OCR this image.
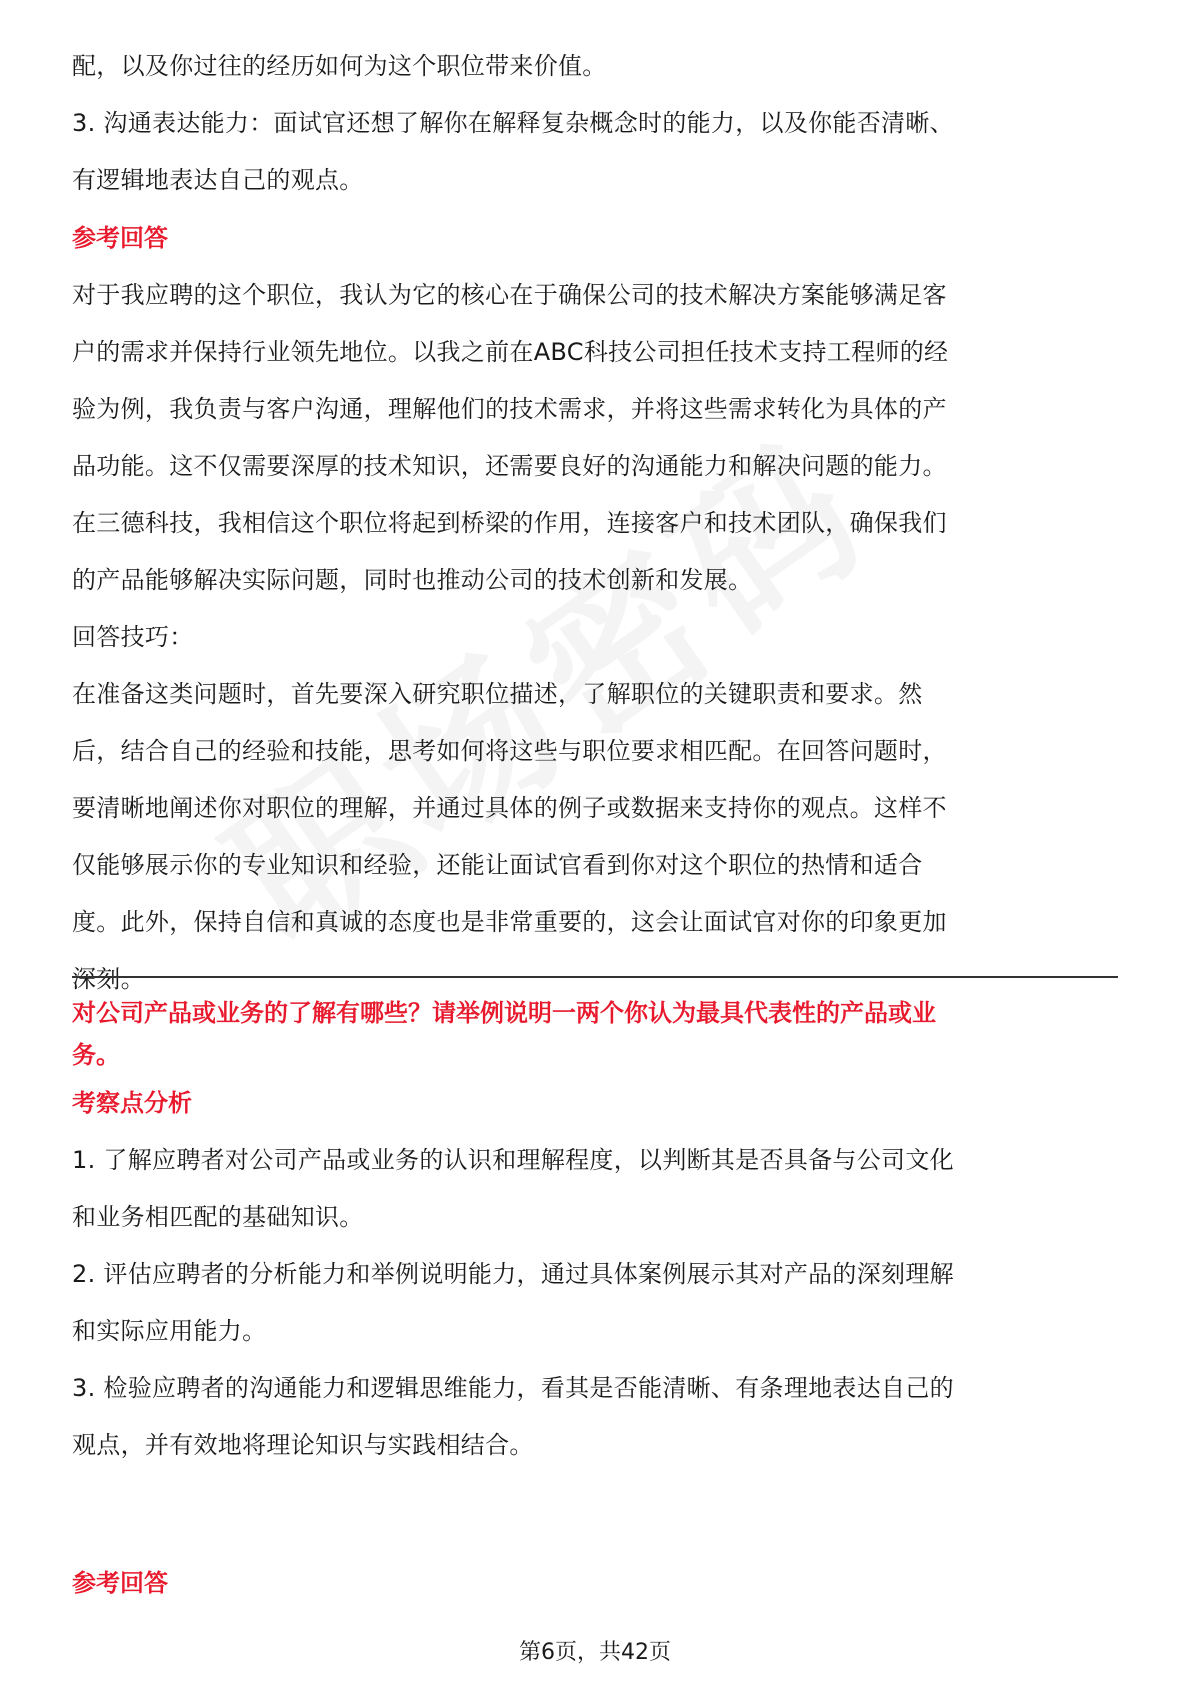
配，以及你过往的经历如何为这个职位带来价值。

3. 沟通表达能力：面试官还想了解你在解释复杂概念时的能力，以及你能否清晰、

有逻辑地表达自己的观点。

参考回答

对于我应聘的这个职位，我认为它的核心在于确保公司的技术解决方案能够满足客

户的需求并保持行业领先地位。以我之前在ABC科技公司担任技术支持工程师的经

验为例，我负责与客户沟通，理解他们的技术需求，并将这些需求转化为具体的产

品功能。这不仅需要深厚的技术知识，还需要良好的沟通能力和解决问题的能力。

在三德科技，我相信这个职位将起到桥梁的作用，连接客户和技术团队，确保我们

的产品能够解决实际问题，同时也推动公司的技术创新和发展。

回答技巧：

在准备这类问题时，首先要深入研究职位描述，了解职位的关键职责和要求。然

后，结合自己的经验和技能，思考如何将这些与职位要求相匹配。在回答问题时，

要清晰地阐述你对职位的理解，并通过具体的例子或数据来支持你的观点。这样不

仅能够展示你的专业知识和经验，还能让面试官看到你对这个职位的热情和适合

度。此外，保持自信和真诚的态度也是非常重要的，这会让面试官对你的印象更加

深刻。

对公司产品或业务的了解有哪些？请举例说明一两个你认为最具代表性的产品或业

务。

考察点分析

1. 了解应聘者对公司产品或业务的认识和理解程度，以判断其是否具备与公司文化

和业务相匹配的基础知识。

2. 评估应聘者的分析能力和举例说明能力，通过具体案例展示其对产品的深刻理解

和实际应用能力。

3. 检验应聘者的沟通能力和逻辑思维能力，看其是否能清晰、有条理地表达自己的

观点，并有效地将理论知识与实践相结合。

参考回答

第6页，共42页
